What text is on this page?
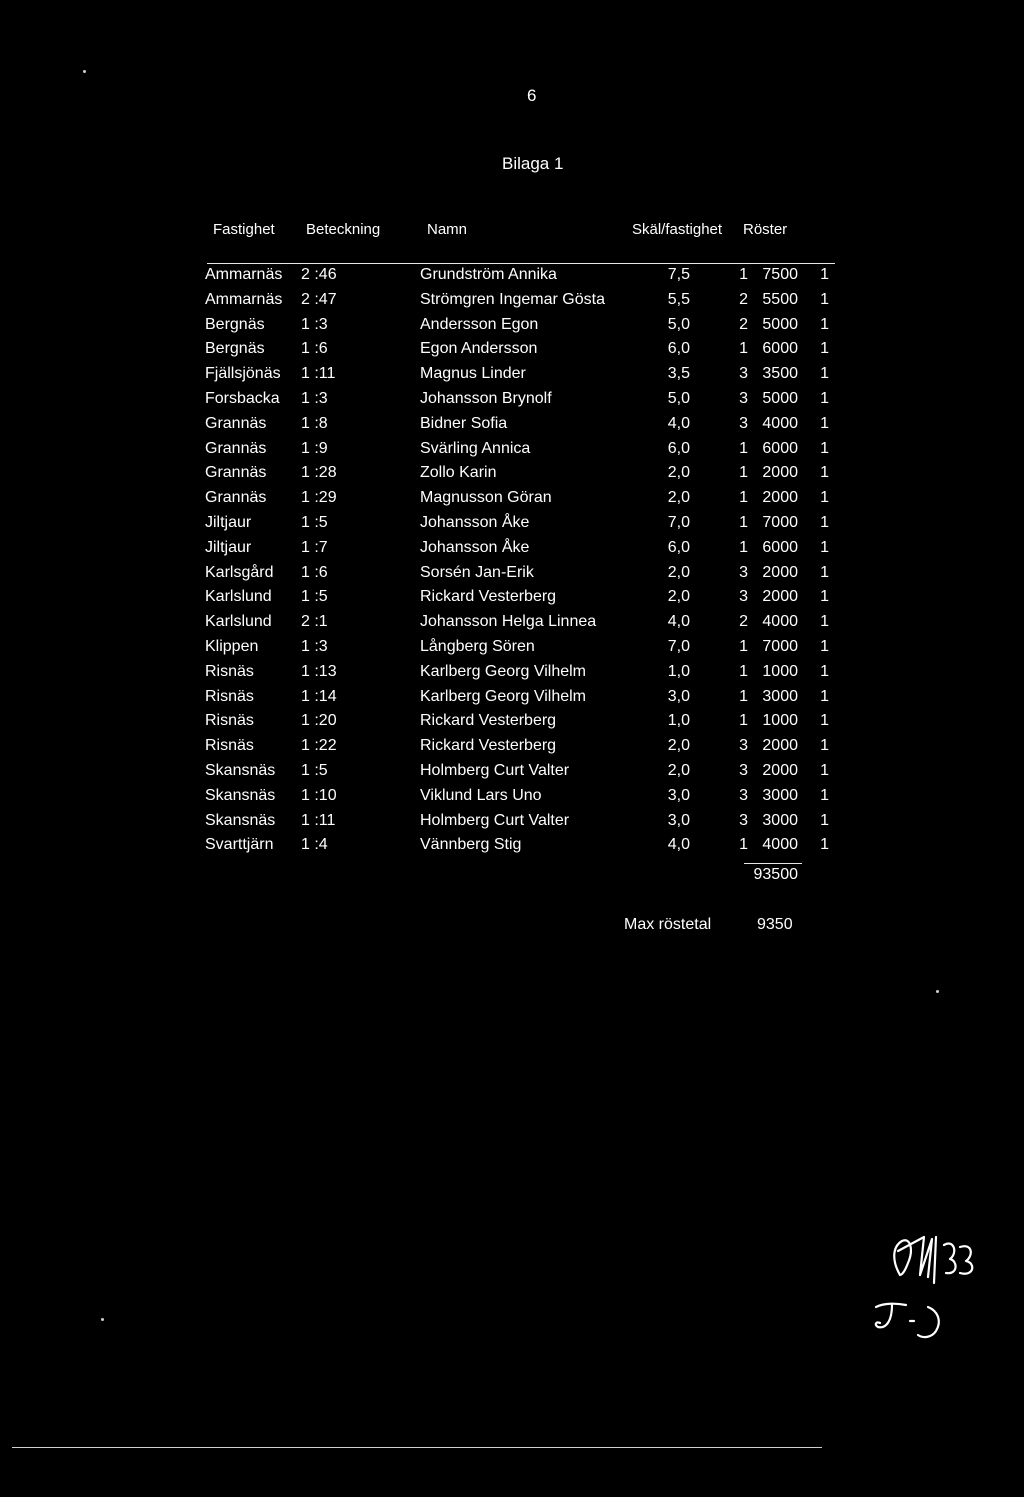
6
Bilaga 1
Fastighet Beteckning	Namn	Skäl/fastighet Röster
Ammarnäs	2 :46	Grundström Annika	7,5	1 7500	1
Ammarnäs	2 :47	Strömgren Ingemar Gösta	5,5	2 5500	1
Bergnäs	1 :3	Andersson Egon	5,0	2 5000	1
Bergnäs	1 :6	Egon Andersson	6,0	1 6000	1
Fjällsjönäs	1 :11	Magnus Linder	3,5	3 3500	1
Forsbacka	1 :3	Johansson Brynolf	5,0	3 5000	1
Grannäs	1 :8	Bidner Sofia	4,0	3 4000	1
Grannäs	1 :9	Svärling Annica	6,0	1 6000	1
Grannäs	1 :28	Zollo Karin	2,0	1 2000	1
Grannäs	1 :29	Magnusson Göran	2,0	1 2000	1
Jiltjaur	1 :5	Johansson Åke	7,0	1 7000	1
Jiltjaur	1 :7	Johansson Åke	6,0	1 6000	1
Karlsgård	1 :6	Sorsén Jan-Erik	2,0	3 2000	1
Karlslund	1 :5	Rickard Vesterberg	2,0	3 2000	1
Karlslund	2 :1	Johansson Helga Linnea	4,0	2 4000	1
Klippen	1 :3	Långberg Sören	7,0	1 7000	1
Risnäs	1 :13	Karlberg Georg Vilhelm	1,0	1 1000	1
Risnäs	1 :14	Karlberg Georg Vilhelm	3,0	1 3000	1
Risnäs	1 :20	Rickard Vesterberg	1,0	1 1000	1
Risnäs	1 :22	Rickard Vesterberg	2,0	3 2000	1
Skansnäs	1 :5	Holmberg Curt Valter	2,0	3 2000	1
Skansnäs	1 :10	Viklund Lars Uno	3,0	3 3000	1
Skansnäs	1 :11	Holmberg Curt Valter	3,0	3 3000	1
Svarttjärn	1 :4	Vännberg Stig	4,0	1 4000	1
93500
Max röstetal	9350
